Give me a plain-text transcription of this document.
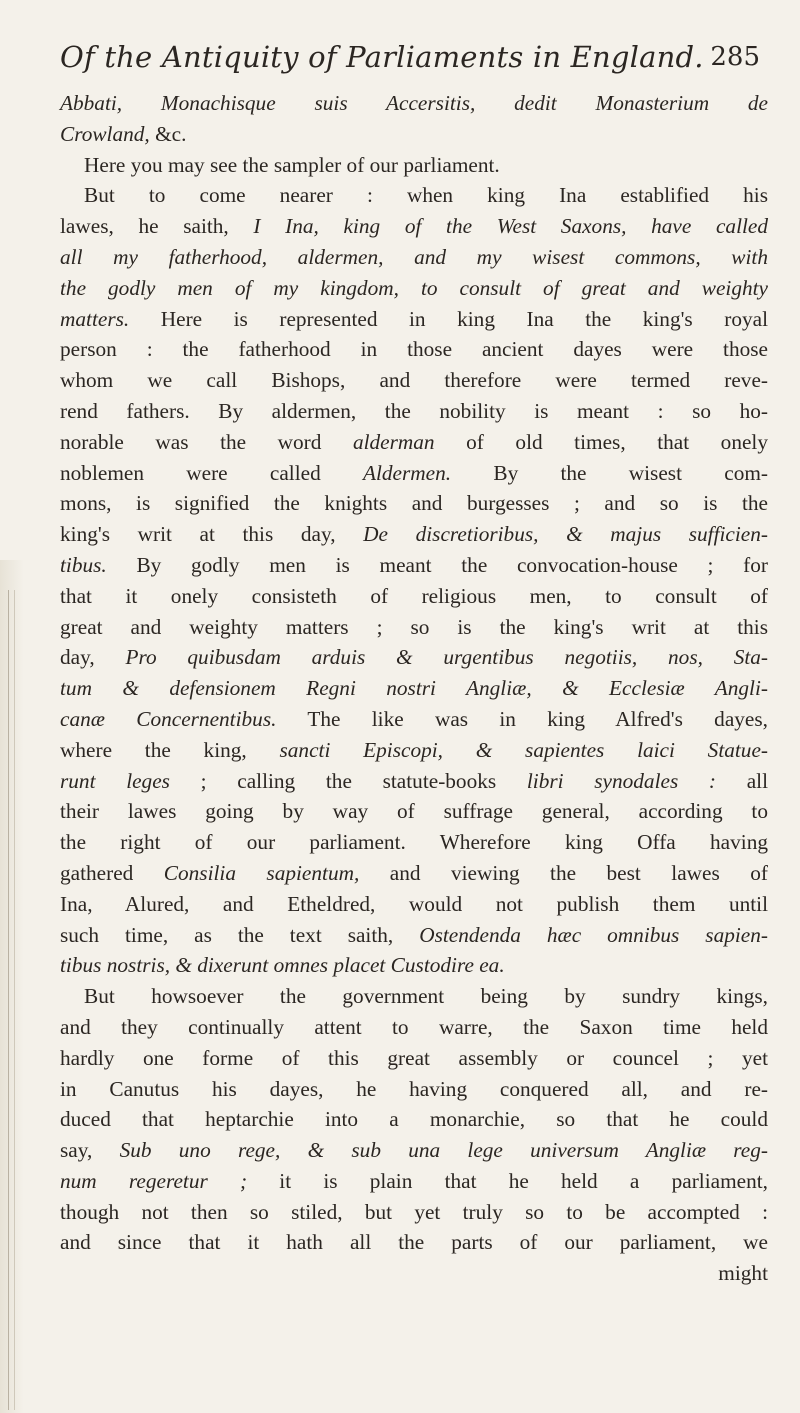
Of the Antiquity of Parliaments in England. 285
Abbati, Monachisque suis Accersitis, dedit Monasterium de
Crowland, &c.
Here you may see the sampler of our parliament.
But to come nearer : when king Ina establified his
lawes, he saith, I Ina, king of the West Saxons, have called
all my fatherhood, aldermen, and my wisest commons, with
the godly men of my kingdom, to consult of great and weighty
matters. Here is represented in king Ina the king's royal
person : the fatherhood in those ancient dayes were those
whom we call Bishops, and therefore were termed reve-
rend fathers. By aldermen, the nobility is meant : so ho-
norable was the word alderman of old times, that onely
noblemen were called Aldermen. By the wisest com-
mons, is signified the knights and burgesses ; and so is the
king's writ at this day, De discretioribus, & majus sufficien-
tibus. By godly men is meant the convocation-house ; for
that it onely consisteth of religious men, to consult of
great and weighty matters ; so is the king's writ at this
day, Pro quibusdam arduis & urgentibus negotiis, nos, Sta-
tum & defensionem Regni nostri Angliæ, & Ecclesiæ Angli-
canæ Concernentibus. The like was in king Alfred's dayes,
where the king, sancti Episcopi, & sapientes laici Statue-
runt leges ; calling the statute-books libri synodales : all
their lawes going by way of suffrage general, according to
the right of our parliament. Wherefore king Offa having
gathered Consilia sapientum, and viewing the best lawes of
Ina, Alured, and Etheldred, would not publish them until
such time, as the text saith, Ostendenda hæc omnibus sapien-
tibus nostris, & dixerunt omnes placet Custodire ea.
But howsoever the government being by sundry kings,
and they continually attent to warre, the Saxon time held
hardly one forme of this great assembly or councel ; yet
in Canutus his dayes, he having conquered all, and re-
duced that heptarchie into a monarchie, so that he could
say, Sub uno rege, & sub una lege universum Angliæ reg-
num regeretur ; it is plain that he held a parliament,
though not then so stiled, but yet truly so to be accompted :
and since that it hath all the parts of our parliament, we
might
